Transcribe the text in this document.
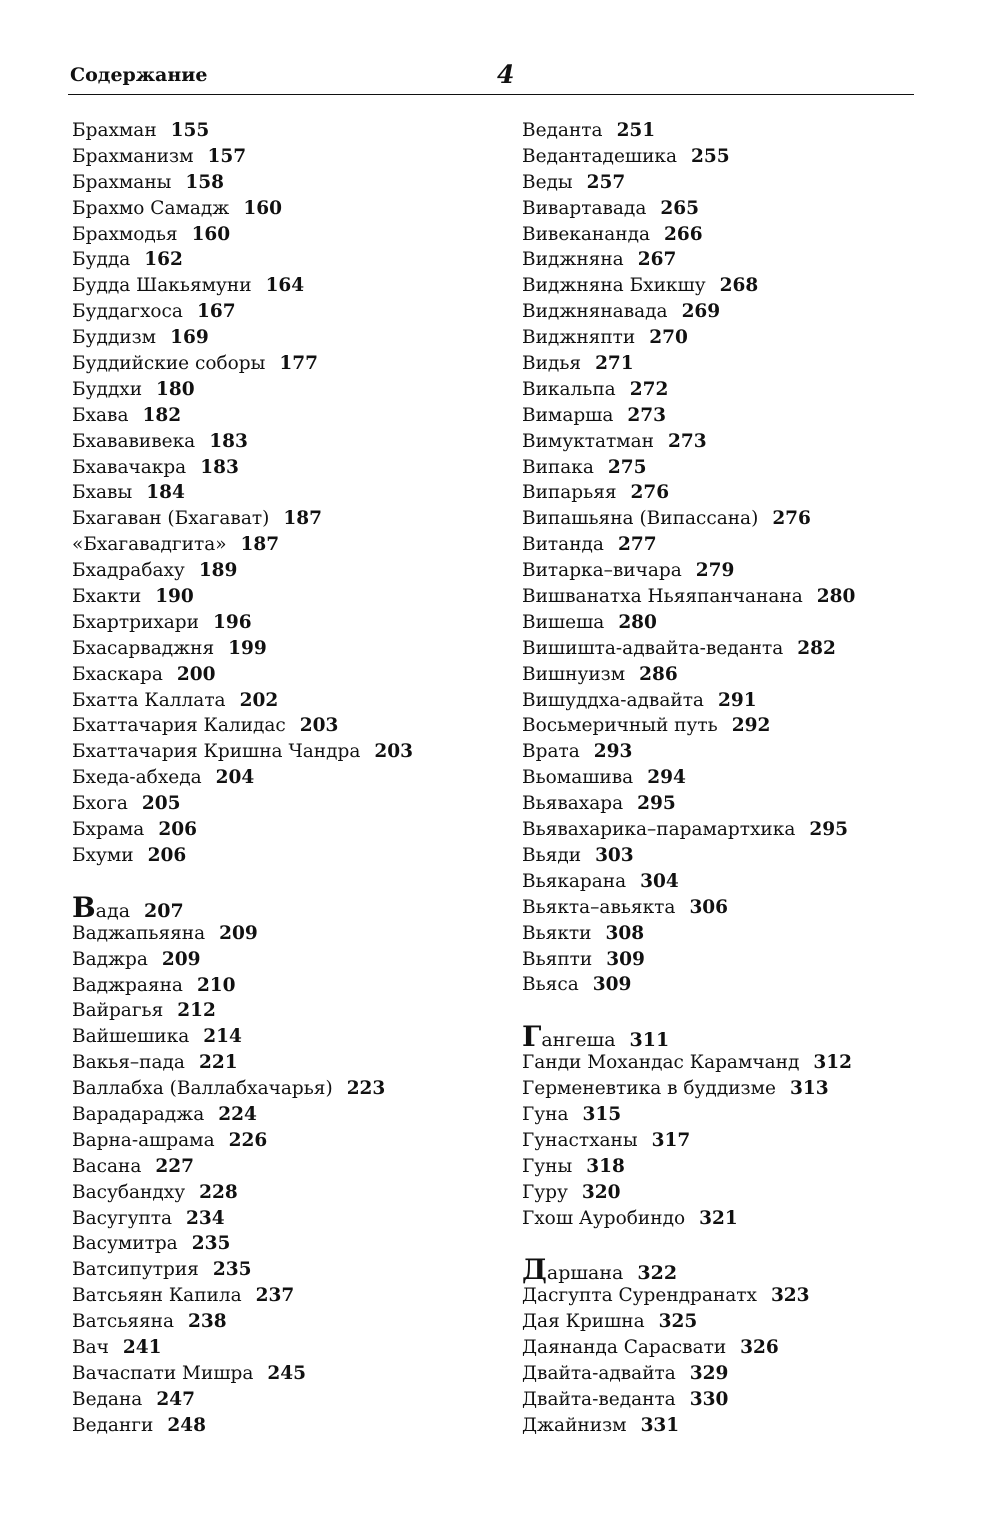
Содержание	4
Брахман 155
Брахманизм 157
Брахманы 158
Брахмо Самадж 160
Брахмодья 160
Будда 162
Будда Шакьямуни 164
Буддагхоса 167
Буддизм 169
Буддийские соборы 177
Буддхи 180
Бхава 182
Бхававивека 183
Бхавачакра 183
Бхавы 184
Бхагаван (Бхагават) 187
«Бхагавадгита» 187
Бхадрабаху 189
Бхакти 190
Бхартрихари 196
Бхасарваджня 199
Бхаскара 200
Бхатта Каллата 202
Бхаттачария Калидас 203
Бхаттачария Кришна Чандра 203
Бхеда-абхеда 204
Бхога 205
Бхрама 206
Бхуми 206
Вада 207
Ваджапьяяна 209
Ваджра 209
Ваджраяна 210
Вайрагья 212
Вайшешика 214
Вакья–пада 221
Валлабха (Валлабхачарья) 223
Варадараджа 224
Варна-ашрама 226
Васана 227
Васубандху 228
Васугупта 234
Васумитра 235
Ватсипутрия 235
Ватсьяян Капила 237
Ватсьяяна 238
Вач 241
Вачаспати Мишра 245
Ведана 247
Веданги 248
Веданта 251
Ведантадешика 255
Веды 257
Вивартавада 265
Вивекананда 266
Виджняна 267
Виджняна Бхикшу 268
Виджнянавада 269
Виджняпти 270
Видья 271
Викальпа 272
Вимарша 273
Вимуктатман 273
Випака 275
Випарьяя 276
Випашьяна (Випассана) 276
Витанда 277
Витарка–вичара 279
Вишванатха Ньяяпанчанана 280
Вишеша 280
Вишишта-адвайта-веданта 282
Вишнуизм 286
Вишуддха-адвайта 291
Восьмеричный путь 292
Врата 293
Вьомашива 294
Вьявахара 295
Вьявахарика–парамартхика 295
Вьяди 303
Вьякарана 304
Вьякта–авьякта 306
Вьякти 308
Вьяпти 309
Вьяса 309
Гангеша 311
Ганди Мохандас Карамчанд 312
Герменевтика в буддизме 313
Гуна 315
Гунастханы 317
Гуны 318
Гуру 320
Гхош Ауробиндо 321
Даршана 322
Дасгупта Сурендранатх 323
Дая Кришна 325
Даянанда Сарасвати 326
Двайта-адвайта 329
Двайта-веданта 330
Джайнизм 331
